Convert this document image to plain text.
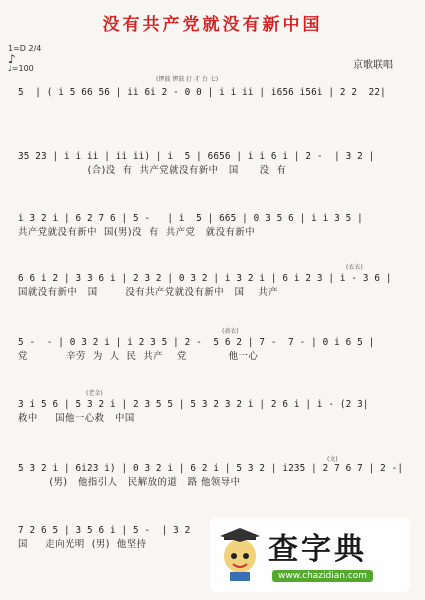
没有共产党就没有新中国
1=D 2/4
♪
♩=100	京歌联唱
(锣鼓 锣鼓 打 才 台 七)
5  | ( i 5 66 56 | ii 6i 2 - 0 0 | i i ii | i656 i56i | 2 2  22|
35 23 | i i ii | ii ii) | i  5 | 6656 | i i 6 i | 2 -  | 3 2 |
(合)没  有  共产党就没有新中   国      没  有
i 3 2 i | 6 2 7 6 | 5 -   | i  5 | 665 | 0 3 5 6 | i i 3 5 |
共产党就没有新中  国(男)没  有  共产党   就没有新中
(衣衣)
6 6 i 2 | 3 3 6 i | 2 3 2 | 0 3 2 | i 3 2 i | 6 i 2 3 | i - 3 6 |
国就没有新中   国        没有共产党就没有新中   国    共产
(斋衣)
5 -  - | 0 3 2 i | i 2 3 5 | 2 -  5 6 2 | 7 -  7 - | 0 i 6 5 |
党           辛劳  为  人  民  共产    党            他一心
(老金)
3 i 5 6 | 5 3 2 i | 2 3 5 5 | 5 3 2 3 2 i | 2 6 i | i - (2 3|
救中     国他一心救   中国
(文)
5 3 2 i | 6i23 i) | 0 3 2 i | 6 2 i | 5 3 2 | i235 | 2 7 6 7 | 2 -|
(男)   他指引人   民解放的道   路 他领导中
7 2 6 5 | 3 5 6 i | 5 -  | 3 2
国     走向光明  (男)  他坚持	查字典
www.chazidian.com
